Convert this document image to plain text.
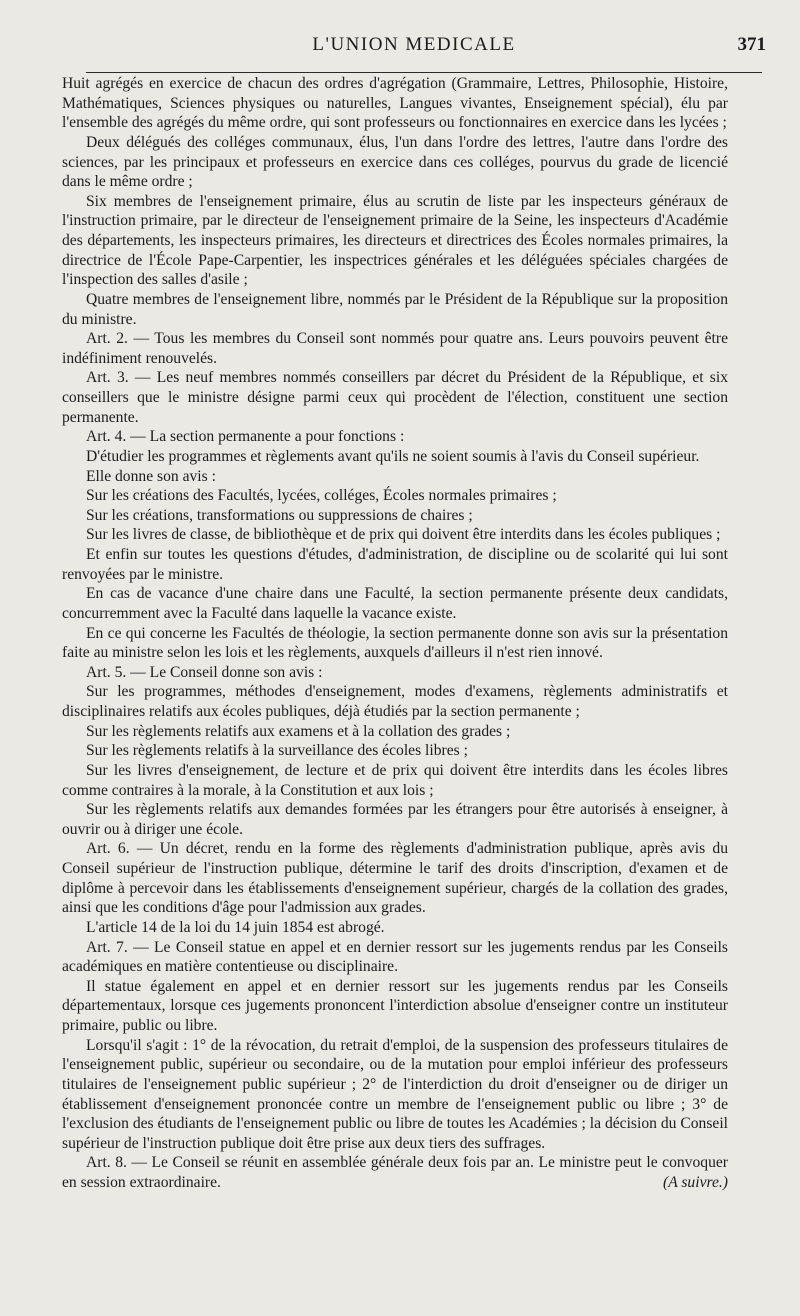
L'UNION MEDICALE	371

Huit agrégés en exercice de chacun des ordres d'agrégation (Grammaire, Lettres, Philosophie, Histoire, Mathématiques, Sciences physiques ou naturelles, Langues vivantes, Enseignement spécial), élu par l'ensemble des agrégés du même ordre, qui sont professeurs ou fonctionnaires en exercice dans les lycées ;

Deux délégués des colléges communaux, élus, l'un dans l'ordre des lettres, l'autre dans l'ordre des sciences, par les principaux et professeurs en exercice dans ces colléges, pourvus du grade de licencié dans le même ordre ;

Six membres de l'enseignement primaire, élus au scrutin de liste par les inspecteurs généraux de l'instruction primaire, par le directeur de l'enseignement primaire de la Seine, les inspecteurs d'Académie des départements, les inspecteurs primaires, les directeurs et directrices des Écoles normales primaires, la directrice de l'École Pape-Carpentier, les inspectrices générales et les déléguées spéciales chargées de l'inspection des salles d'asile ;

Quatre membres de l'enseignement libre, nommés par le Président de la République sur la proposition du ministre.

Art. 2. — Tous les membres du Conseil sont nommés pour quatre ans. Leurs pouvoirs peuvent être indéfiniment renouvelés.

Art. 3. — Les neuf membres nommés conseillers par décret du Président de la République, et six conseillers que le ministre désigne parmi ceux qui procèdent de l'élection, constituent une section permanente.

Art. 4. — La section permanente a pour fonctions :

D'étudier les programmes et règlements avant qu'ils ne soient soumis à l'avis du Conseil supérieur.

Elle donne son avis :

Sur les créations des Facultés, lycées, colléges, Écoles normales primaires ;

Sur les créations, transformations ou suppressions de chaires ;

Sur les livres de classe, de bibliothèque et de prix qui doivent être interdits dans les écoles publiques ;

Et enfin sur toutes les questions d'études, d'administration, de discipline ou de scolarité qui lui sont renvoyées par le ministre.

En cas de vacance d'une chaire dans une Faculté, la section permanente présente deux candidats, concurremment avec la Faculté dans laquelle la vacance existe.

En ce qui concerne les Facultés de théologie, la section permanente donne son avis sur la présentation faite au ministre selon les lois et les règlements, auxquels d'ailleurs il n'est rien innové.

Art. 5. — Le Conseil donne son avis :

Sur les programmes, méthodes d'enseignement, modes d'examens, règlements administratifs et disciplinaires relatifs aux écoles publiques, déjà étudiés par la section permanente ;

Sur les règlements relatifs aux examens et à la collation des grades ;

Sur les règlements relatifs à la surveillance des écoles libres ;

Sur les livres d'enseignement, de lecture et de prix qui doivent être interdits dans les écoles libres comme contraires à la morale, à la Constitution et aux lois ;

Sur les règlements relatifs aux demandes formées par les étrangers pour être autorisés à enseigner, à ouvrir ou à diriger une école.

Art. 6. — Un décret, rendu en la forme des règlements d'administration publique, après avis du Conseil supérieur de l'instruction publique, détermine le tarif des droits d'inscription, d'examen et de diplôme à percevoir dans les établissements d'enseignement supérieur, chargés de la collation des grades, ainsi que les conditions d'âge pour l'admission aux grades.

L'article 14 de la loi du 14 juin 1854 est abrogé.

Art. 7. — Le Conseil statue en appel et en dernier ressort sur les jugements rendus par les Conseils académiques en matière contentieuse ou disciplinaire.

Il statue également en appel et en dernier ressort sur les jugements rendus par les Conseils départementaux, lorsque ces jugements prononcent l'interdiction absolue d'enseigner contre un instituteur primaire, public ou libre.

Lorsqu'il s'agit : 1° de la révocation, du retrait d'emploi, de la suspension des professeurs titulaires de l'enseignement public, supérieur ou secondaire, ou de la mutation pour emploi inférieur des professeurs titulaires de l'enseignement public supérieur ; 2° de l'interdiction du droit d'enseigner ou de diriger un établissement d'enseignement prononcée contre un membre de l'enseignement public ou libre ; 3° de l'exclusion des étudiants de l'enseignement public ou libre de toutes les Académies ; la décision du Conseil supérieur de l'instruction publique doit être prise aux deux tiers des suffrages.

Art. 8. — Le Conseil se réunit en assemblée générale deux fois par an. Le ministre peut le convoquer en session extraordinaire.	(A suivre.)
